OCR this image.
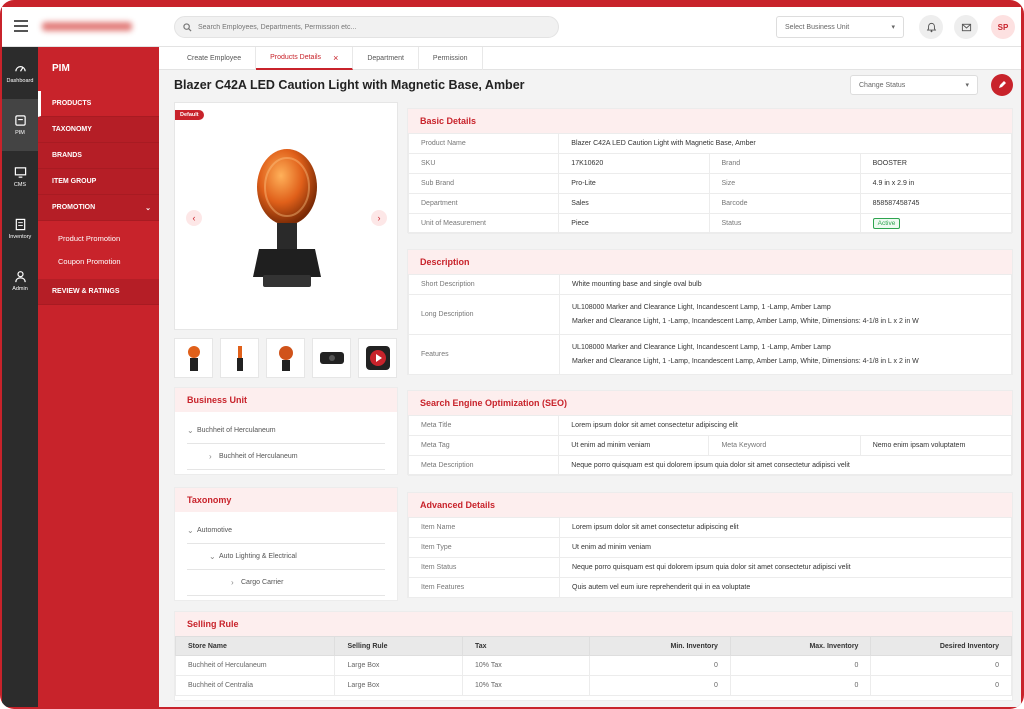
Search Employees, Departments, Permission etc...
Select Business Unit	▾	SP
Dashboard
PIM
CMS
Inventory
Admin
PIM
PRODUCTS
TAXONOMY
BRANDS
ITEM GROUP
PROMOTION	⌄
Product Promotion
Coupon Promotion
REVIEW & RATINGS
Create Employee	Products Details ×	Department	Permission
Blazer C42A LED Caution Light with Magnetic Base, Amber	Change Status	▾
Default
‹	›
Business Unit
⌄ Buchheit of Herculaneum
›	Buchheit of Herculaneum
Taxonomy
⌄ Automotive
⌄ Auto Lighting & Electrical
›	Cargo Carrier
Basic Details
Product Name	Blazer C42A LED Caution Light with Magnetic Base, Amber		
SKU	17K10620	Brand	BOOSTER
Sub Brand	Pro-Lite	Size	4.9 in x 2.9 in
Department	Sales	Barcode	858587458745
Unit of Measurement	Piece	Status	Active
Description
Short Description	White mounting base and single oval bulb
Long Description	UL108000 Marker and Clearance Light, Incandescent Lamp, 1 -Lamp, Amber Lamp
Marker and Clearance Light, 1 -Lamp, Incandescent Lamp, Amber Lamp, White, Dimensions: 4-1/8 in L x 2 in W

Features	UL108000 Marker and Clearance Light, Incandescent Lamp, 1 -Lamp, Amber Lamp
Marker and Clearance Light, 1 -Lamp, Incandescent Lamp, Amber Lamp, White, Dimensions: 4-1/8 in L x 2 in W
Search Engine Optimization (SEO)
Meta Title	Lorem ipsum dolor sit amet consectetur adipiscing elit		
Meta Tag	Ut enim ad minim veniam	Meta Keyword	Nemo enim ipsam voluptatem
Meta Description	Neque porro quisquam est qui dolorem ipsum quia dolor sit amet consectetur adipisci velit		
Advanced Details
Item Name	Lorem ipsum dolor sit amet consectetur adipiscing elit
Item Type	Ut enim ad minim veniam
Item Status	Neque porro quisquam est qui dolorem ipsum quia dolor sit amet consectetur adipisci velit
Item Features	Quis autem vel eum iure reprehenderit qui in ea voluptate
Selling Rule
Store Name	Selling Rule	Tax	Min. Inventory	Max. Inventory	Desired Inventory
Buchheit of Herculaneum	Large Box	10% Tax	0	0	0
Buchheit of Centralia	Large Box	10% Tax	0	0	0
